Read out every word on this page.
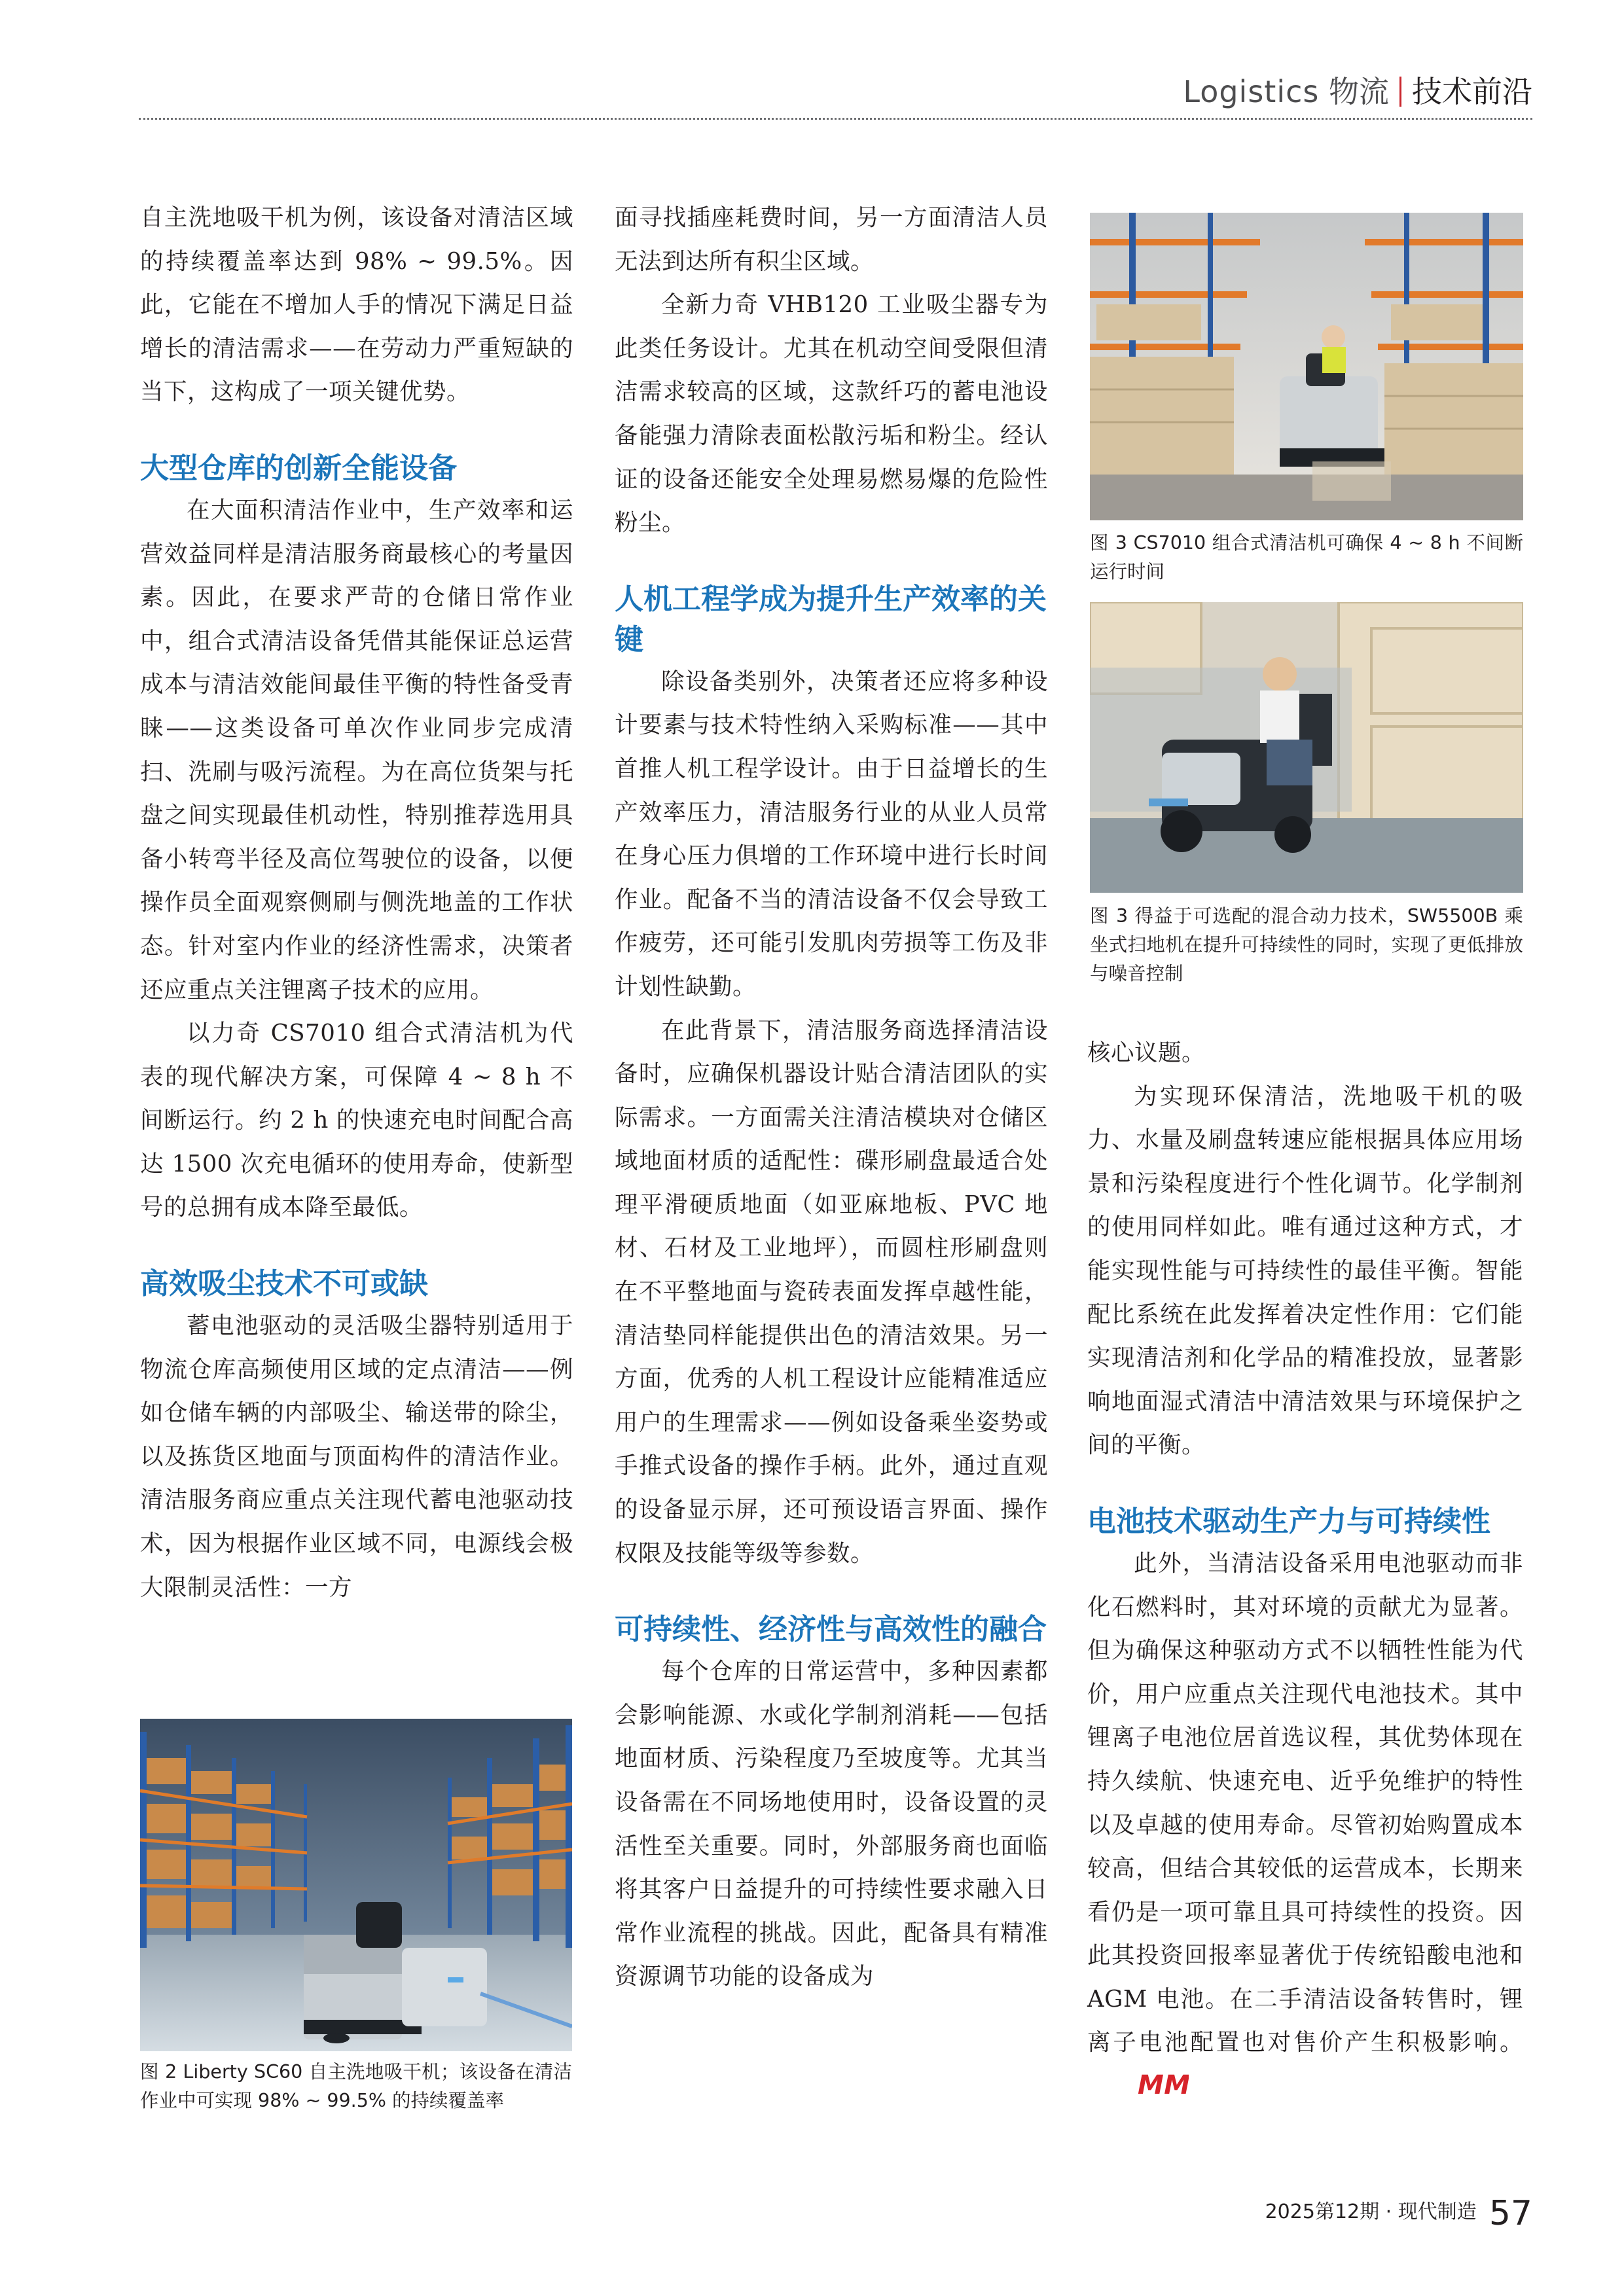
Logistics 物流 技术前沿

自主洗地吸干机为例，该设备对清洁区域的持续覆盖率达到 98% ~ 99.5%。因此，它能在不增加人手的情况下满足日益增长的清洁需求——在劳动力严重短缺的当下，这构成了一项关键优势。

大型仓库的创新全能设备

在大面积清洁作业中，生产效率和运营效益同样是清洁服务商最核心的考量因素。因此，在要求严苛的仓储日常作业中，组合式清洁设备凭借其能保证总运营成本与清洁效能间最佳平衡的特性备受青睐——这类设备可单次作业同步完成清扫、洗刷与吸污流程。为在高位货架与托盘之间实现最佳机动性，特别推荐选用具备小转弯半径及高位驾驶位的设备，以便操作员全面观察侧刷与侧洗地盖的工作状态。针对室内作业的经济性需求，决策者还应重点关注锂离子技术的应用。

以力奇 CS7010 组合式清洁机为代表的现代解决方案，可保障 4 ~ 8 h 不间断运行。约 2 h 的快速充电时间配合高达 1500 次充电循环的使用寿命，使新型号的总拥有成本降至最低。

高效吸尘技术不可或缺

蓄电池驱动的灵活吸尘器特别适用于物流仓库高频使用区域的定点清洁——例如仓储车辆的内部吸尘、输送带的除尘，以及拣货区地面与顶面构件的清洁作业。清洁服务商应重点关注现代蓄电池驱动技术，因为根据作业区域不同，电源线会极大限制灵活性：一方

图 2 Liberty SC60 自主洗地吸干机；该设备在清洁作业中可实现 98% ~ 99.5% 的持续覆盖率

面寻找插座耗费时间，另一方面清洁人员无法到达所有积尘区域。

全新力奇 VHB120 工业吸尘器专为此类任务设计。尤其在机动空间受限但清洁需求较高的区域，这款纤巧的蓄电池设备能强力清除表面松散污垢和粉尘。经认证的设备还能安全处理易燃易爆的危险性粉尘。

人机工程学成为提升生产效率的关键

除设备类别外，决策者还应将多种设计要素与技术特性纳入采购标准——其中首推人机工程学设计。由于日益增长的生产效率压力，清洁服务行业的从业人员常在身心压力俱增的工作环境中进行长时间作业。配备不当的清洁设备不仅会导致工作疲劳，还可能引发肌肉劳损等工伤及非计划性缺勤。

在此背景下，清洁服务商选择清洁设备时，应确保机器设计贴合清洁团队的实际需求。一方面需关注清洁模块对仓储区域地面材质的适配性：碟形刷盘最适合处理平滑硬质地面（如亚麻地板、PVC 地材、石材及工业地坪），而圆柱形刷盘则在不平整地面与瓷砖表面发挥卓越性能，清洁垫同样能提供出色的清洁效果。另一方面，优秀的人机工程设计应能精准适应用户的生理需求——例如设备乘坐姿势或手推式设备的操作手柄。此外，通过直观的设备显示屏，还可预设语言界面、操作权限及技能等级等参数。

可持续性、经济性与高效性的融合

每个仓库的日常运营中，多种因素都会影响能源、水或化学制剂消耗——包括地面材质、污染程度乃至坡度等。尤其当设备需在不同场地使用时，设备设置的灵活性至关重要。同时，外部服务商也面临将其客户日益提升的可持续性要求融入日常作业流程的挑战。因此，配备具有精准资源调节功能的设备成为

图 3 CS7010 组合式清洁机可确保 4 ~ 8 h 不间断运行时间
图 3 得益于可选配的混合动力技术，SW5500B 乘坐式扫地机在提升可持续性的同时，实现了更低排放与噪音控制

核心议题。

为实现环保清洁，洗地吸干机的吸力、水量及刷盘转速应能根据具体应用场景和污染程度进行个性化调节。化学制剂的使用同样如此。唯有通过这种方式，才能实现性能与可持续性的最佳平衡。智能配比系统在此发挥着决定性作用：它们能实现清洁剂和化学品的精准投放，显著影响地面湿式清洁中清洁效果与环境保护之间的平衡。

电池技术驱动生产力与可持续性

此外，当清洁设备采用电池驱动而非化石燃料时，其对环境的贡献尤为显著。但为确保这种驱动方式不以牺牲性能为代价，用户应重点关注现代电池技术。其中锂离子电池位居首选议程，其优势体现在持久续航、快速充电、近乎免维护的特性以及卓越的使用寿命。尽管初始购置成本较高，但结合其较低的运营成本，长期来看仍是一项可靠且具可持续性的投资。因此其投资回报率显著优于传统铅酸电池和 AGM 电池。在二手清洁设备转售时，锂离子电池配置也对售价产生积极影响。
MM

2025第12期 · 现代制造 57
